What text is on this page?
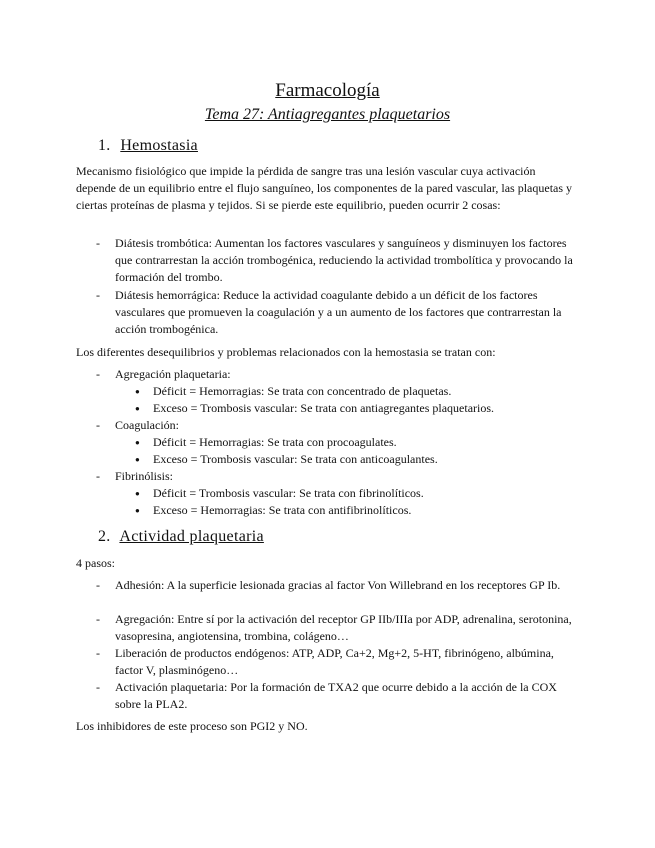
Farmacología
Tema 27: Antiagregantes plaquetarios
1. Hemostasia

Mecanismo fisiológico que impide la pérdida de sangre tras una lesión vascular cuya activación depende de un equilibrio entre el flujo sanguíneo, los componentes de la pared vascular, las plaquetas y ciertas proteínas de plasma y tejidos. Si se pierde este equilibrio, pueden ocurrir 2 cosas:

-	Diátesis trombótica: Aumentan los factores vasculares y sanguíneos y disminuyen los factores que contrarrestan la acción trombogénica, reduciendo la actividad trombolítica y provocando la formación del trombo.
-	Diátesis hemorrágica: Reduce la actividad coagulante debido a un déficit de los factores vasculares que promueven la coagulación y a un aumento de los factores que contrarrestan la acción trombogénica.

Los diferentes desequilibrios y problemas relacionados con la hemostasia se tratan con:

-	Agregación plaquetaria:
● Déficit = Hemorragias: Se trata con concentrado de plaquetas.
● Exceso = Trombosis vascular: Se trata con antiagregantes plaquetarios.
-	Coagulación:
● Déficit = Hemorragias: Se trata con procoagulates.
● Exceso = Trombosis vascular: Se trata con anticoagulantes.
-	Fibrinólisis:
● Déficit = Trombosis vascular: Se trata con fibrinolíticos.
● Exceso = Hemorragias: Se trata con antifibrinolíticos.
2. Actividad plaquetaria

4 pasos:

-	Adhesión: A la superficie lesionada gracias al factor Von Willebrand en los receptores GP Ib.
-	Agregación: Entre sí por la activación del receptor GP IIb/IIIa por ADP, adrenalina, serotonina, vasopresina, angiotensina, trombina, colágeno…
-	Liberación de productos endógenos: ATP, ADP, Ca+2, Mg+2, 5-HT, fibrinógeno, albúmina, factor V, plasminógeno…
-	Activación plaquetaria: Por la formación de TXA2 que ocurre debido a la acción de la COX sobre la PLA2.

Los inhibidores de este proceso son PGI2 y NO.
